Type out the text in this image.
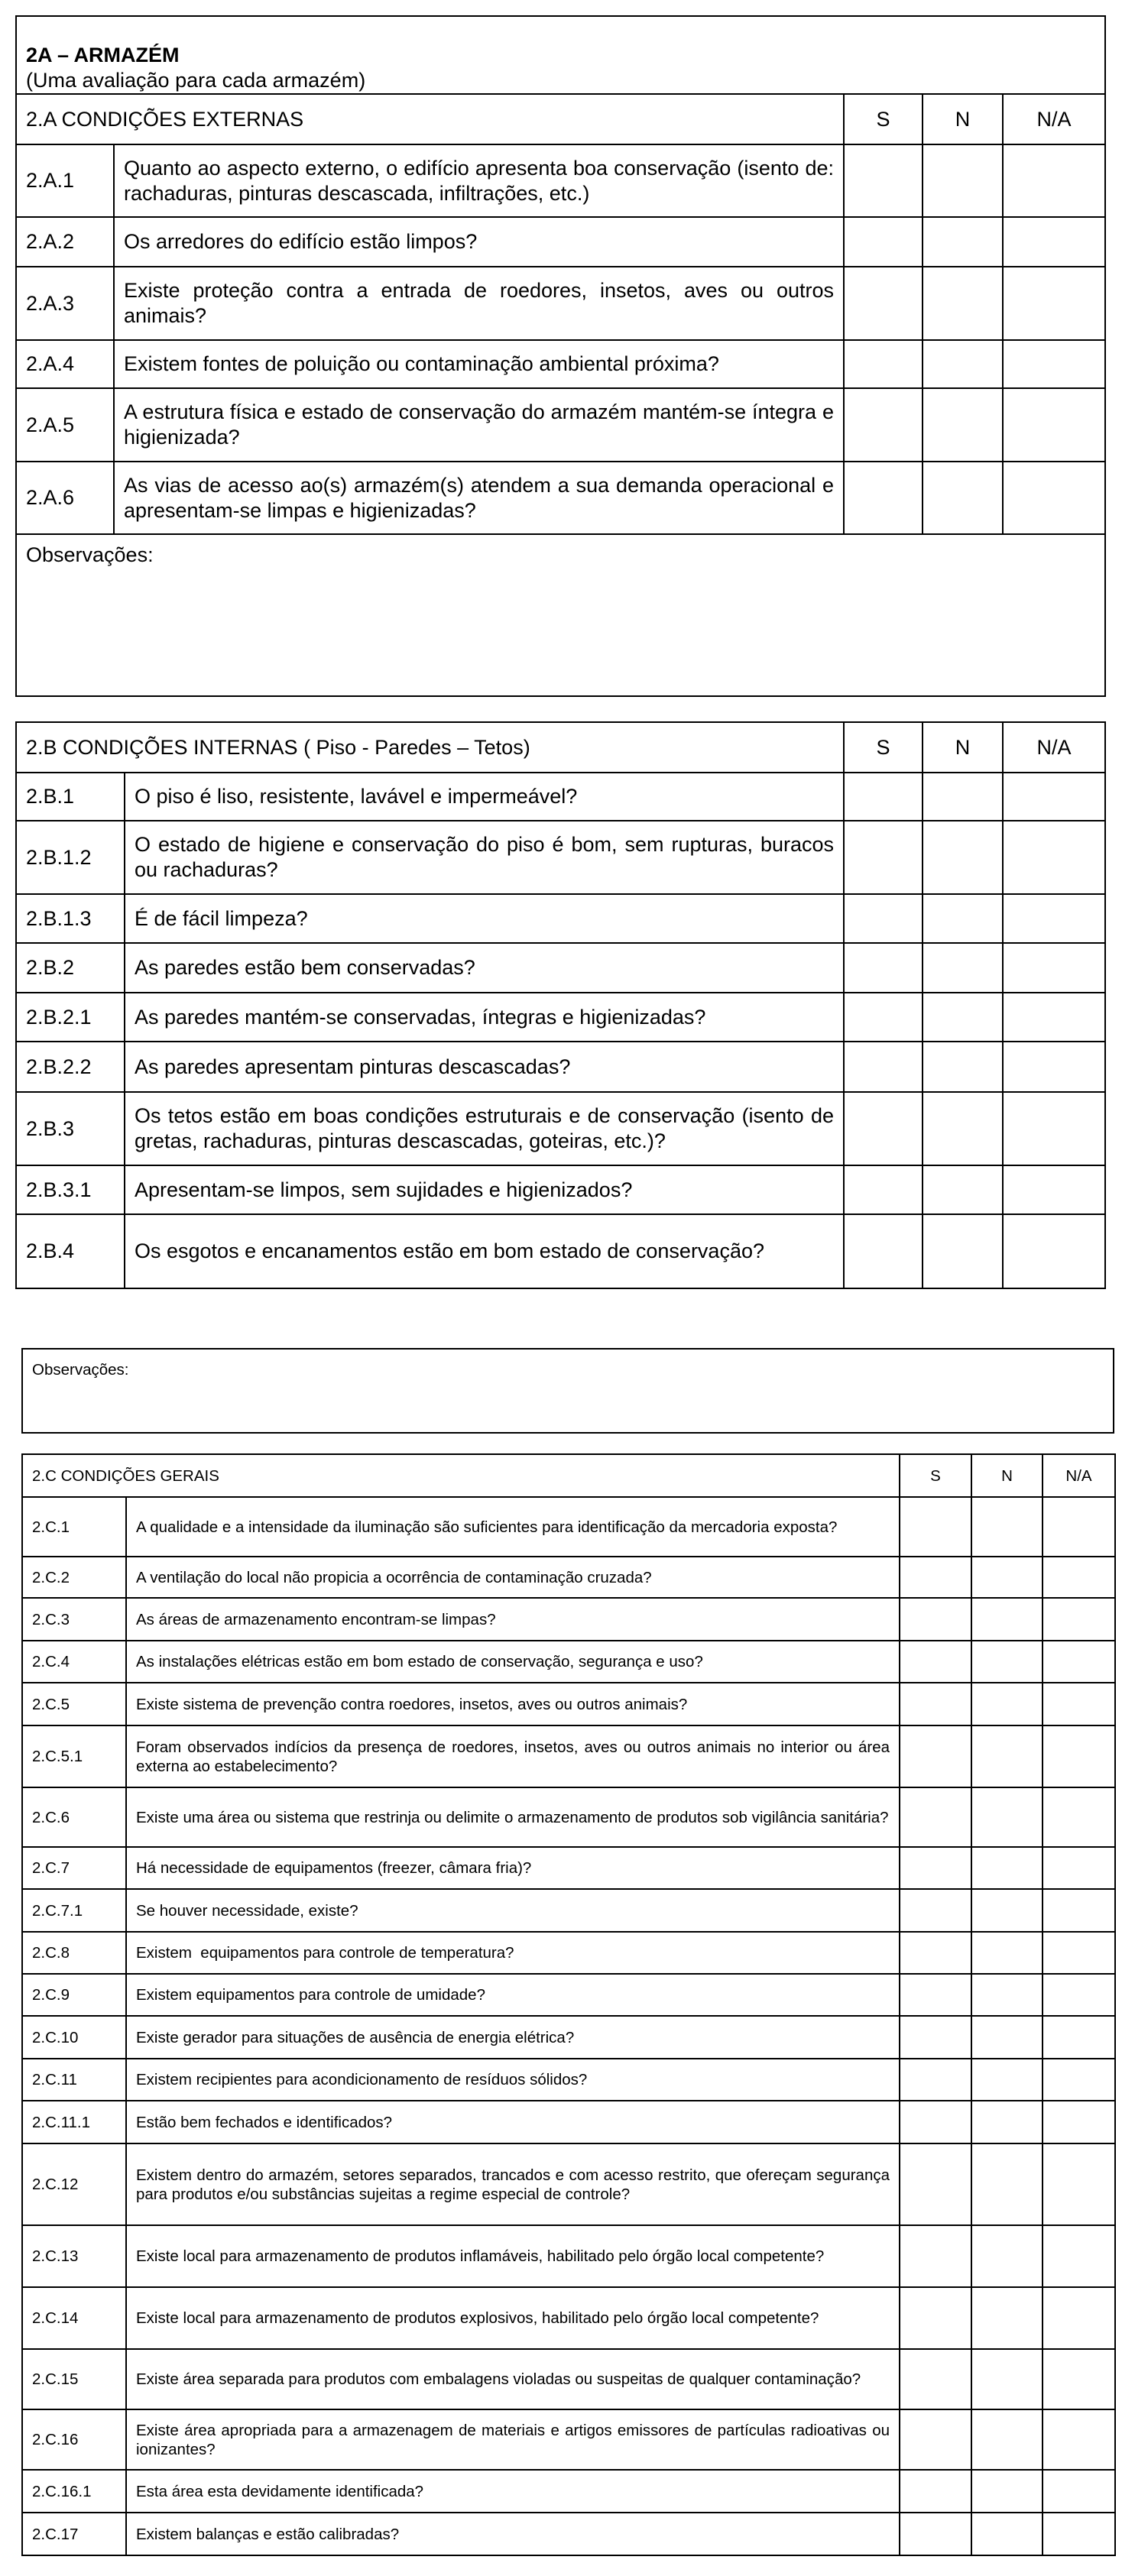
2A – ARMAZÉM
(Uma avaliação para cada armazém)				

2.A CONDIÇÕES EXTERNAS		S	N	N/A
2.A.1	Quanto ao aspecto externo, o edifício apresenta boa conservação (isento de: rachaduras, pinturas descascada, infiltrações, etc.)			
2.A.2	Os arredores do edifício estão limpos?			
2.A.3	Existe proteção contra a entrada de roedores, insetos, aves ou outros animais?			
2.A.4	Existem fontes de poluição ou contaminação ambiental próxima?			
2.A.5	A estrutura física e estado de conservação do armazém mantém-se íntegra e higienizada?			
2.A.6	As vias de acesso ao(s) armazém(s) atendem a sua demanda operacional e apresentam-se limpas e higienizadas?			
Observações:				
2.B CONDIÇÕES INTERNAS ( Piso - Paredes – Tetos)		S	N	N/A
2.B.1	O piso é liso, resistente, lavável e impermeável?			
2.B.1.2	O estado de higiene e conservação do piso é bom, sem rupturas, buracos ou rachaduras?			
2.B.1.3	É de fácil limpeza?			
2.B.2	As paredes estão bem conservadas?			
2.B.2.1	As paredes mantém-se conservadas, íntegras e higienizadas?			
2.B.2.2	As paredes apresentam pinturas descascadas?			
2.B.3	Os tetos estão em boas condições estruturais e de conservação (isento de gretas, rachaduras, pinturas descascadas, goteiras, etc.)?			
2.B.3.1	Apresentam-se limpos, sem sujidades e higienizados?			
2.B.4	Os esgotos e encanamentos estão em bom estado de conservação?			
Observações:
2.C CONDIÇÕES GERAIS		S	N	N/A
2.C.1	A qualidade e a intensidade da iluminação são suficientes para identificação da mercadoria exposta?			
2.C.2	A ventilação do local não propicia a ocorrência de contaminação cruzada?			
2.C.3	As áreas de armazenamento encontram-se limpas?			
2.C.4	As instalações elétricas estão em bom estado de conservação, segurança e uso?			
2.C.5	Existe sistema de prevenção contra roedores, insetos, aves ou outros animais?			
2.C.5.1	Foram observados indícios da presença de roedores, insetos, aves ou outros animais no interior ou área externa ao estabelecimento?			
2.C.6	Existe uma área ou sistema que restrinja ou delimite o armazenamento de produtos sob vigilância sanitária?			
2.C.7	Há necessidade de equipamentos (freezer, câmara fria)?			
2.C.7.1	Se houver necessidade, existe?			
2.C.8	Existem  equipamentos para controle de temperatura?			
2.C.9	Existem equipamentos para controle de umidade?			
2.C.10	Existe gerador para situações de ausência de energia elétrica?			
2.C.11	Existem recipientes para acondicionamento de resíduos sólidos?			
2.C.11.1	Estão bem fechados e identificados?			
2.C.12	Existem dentro do armazém, setores separados, trancados e com acesso restrito, que ofereçam segurança para produtos e/ou substâncias sujeitas a regime especial de controle?			
2.C.13	Existe local para armazenamento de produtos inflamáveis, habilitado pelo órgão local competente?			
2.C.14	Existe local para armazenamento de produtos explosivos, habilitado pelo órgão local competente?			
2.C.15	Existe área separada para produtos com embalagens violadas ou suspeitas de qualquer contaminação?			
2.C.16	Existe área apropriada para a armazenagem de materiais e artigos emissores de partículas radioativas ou ionizantes?			
2.C.16.1	Esta área esta devidamente identificada?			
2.C.17	Existem balanças e estão calibradas?			
